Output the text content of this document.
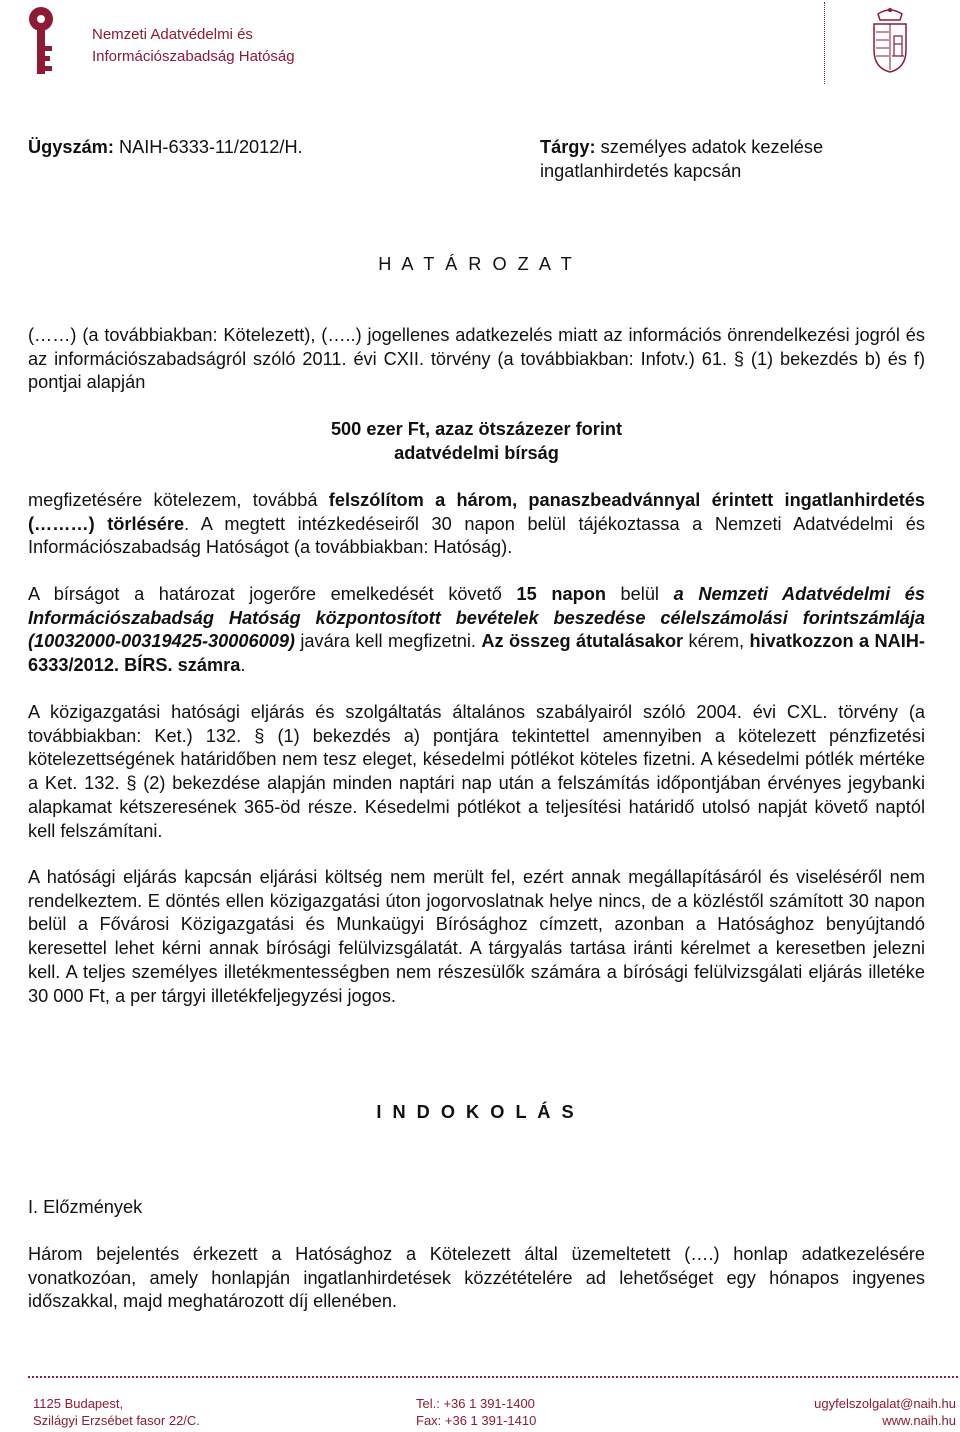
Nemzeti Adatvédelmi és
Információszabadság Hatóság
Ügyszám: NAIH-6333-11/2012/H.	Tárgy: személyes adatok kezelése ingatlanhirdetés kapcsán
H A T Á R O Z A T
(……) (a továbbiakban: Kötelezett), (…..) jogellenes adatkezelés miatt az információs önrendelkezési jogról és az információszabadságról szóló 2011. évi CXII. törvény (a továbbiakban: Infotv.) 61. § (1) bekezdés b) és f) pontjai alapján
500 ezer Ft, azaz ötszázezer forint
adatvédelmi bírság
megfizetésére kötelezem, továbbá felszólítom a három, panaszbeadvánnyal érintett ingatlanhirdetés (………) törlésére. A megtett intézkedéseiről 30 napon belül tájékoztassa a Nemzeti Adatvédelmi és Információszabadság Hatóságot (a továbbiakban: Hatóság).
A bírságot a határozat jogerőre emelkedését követő 15 napon belül a Nemzeti Adatvédelmi és Információszabadság Hatóság központosított bevételek beszedése célelszámolási forintszámlája (10032000-00319425-30006009) javára kell megfizetni. Az összeg átutalásakor kérem, hivatkozzon a NAIH-6333/2012. BÍRS. számra.
A közigazgatási hatósági eljárás és szolgáltatás általános szabályairól szóló 2004. évi CXL. törvény (a továbbiakban: Ket.) 132. § (1) bekezdés a) pontjára tekintettel amennyiben a kötelezett pénzfizetési kötelezettségének határidőben nem tesz eleget, késedelmi pótlékot köteles fizetni. A késedelmi pótlék mértéke a Ket. 132. § (2) bekezdése alapján minden naptári nap után a felszámítás időpontjában érvényes jegybanki alapkamat kétszeresének 365-öd része. Késedelmi pótlékot a teljesítési határidő utolsó napját követő naptól kell felszámítani.
A hatósági eljárás kapcsán eljárási költség nem merült fel, ezért annak megállapításáról és viseléséről nem rendelkeztem. E döntés ellen közigazgatási úton jogorvoslatnak helye nincs, de a közléstől számított 30 napon belül a Fővárosi Közigazgatási és Munkaügyi Bírósághoz címzett, azonban a Hatósághoz benyújtandó keresettel lehet kérni annak bírósági felülvizsgálatát. A tárgyalás tartása iránti kérelmet a keresetben jelezni kell. A teljes személyes illetékmentességben nem részesülők számára a bírósági felülvizsgálati eljárás illetéke 30 000 Ft, a per tárgyi illetékfeljegyzési jogos.
I N D O K O L Á S
I. Előzmények
Három bejelentés érkezett a Hatósághoz a Kötelezett által üzemeltetett (….) honlap adatkezelésére vonatkozóan, amely honlapján ingatlanhirdetések közzétételére ad lehetőséget egy hónapos ingyenes időszakkal, majd meghatározott díj ellenében.
1125 Budapest,
Szilágyi Erzsébet fasor 22/C.
Tel.: +36 1 391-1400
Fax: +36 1 391-1410
ugyfelszolgalat@naih.hu
www.naih.hu
